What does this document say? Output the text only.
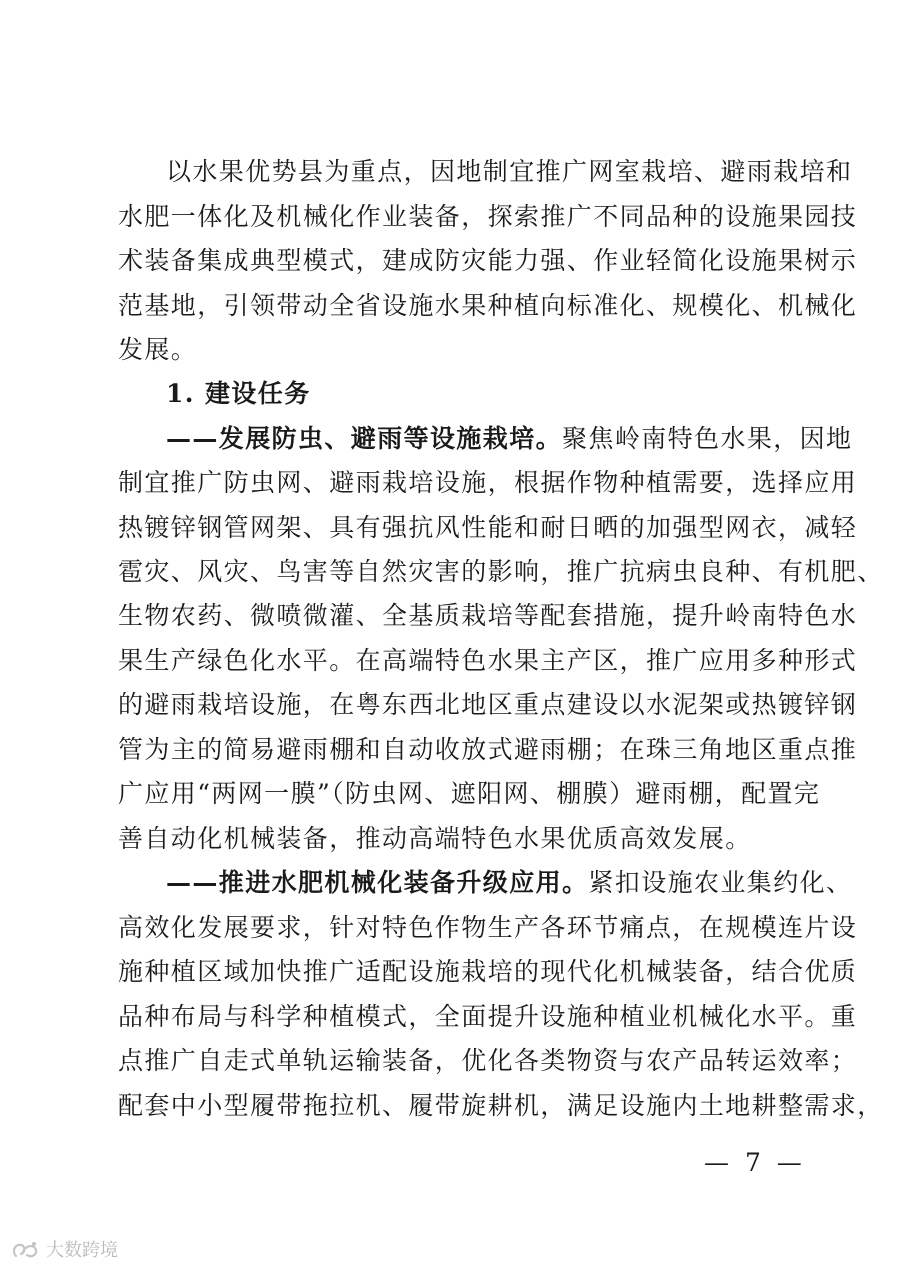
以水果优势县为重点，因地制宜推广网室栽培、避雨栽培和
水肥一体化及机械化作业装备，探索推广不同品种的设施果园技
术装备集成典型模式，建成防灾能力强、作业轻简化设施果树示
范基地，引领带动全省设施水果种植向标准化、规模化、机械化
发展。
1. 建设任务
——发展防虫、避雨等设施栽培。聚焦岭南特色水果，因地
制宜推广防虫网、避雨栽培设施，根据作物种植需要，选择应用
热镀锌钢管网架、具有强抗风性能和耐日晒的加强型网衣，减轻
雹灾、风灾、鸟害等自然灾害的影响，推广抗病虫良种、有机肥、
生物农药、微喷微灌、全基质栽培等配套措施，提升岭南特色水
果生产绿色化水平。在高端特色水果主产区，推广应用多种形式
的避雨栽培设施，在粤东西北地区重点建设以水泥架或热镀锌钢
管为主的简易避雨棚和自动收放式避雨棚；在珠三角地区重点推
广应用“两网一膜”（防虫网、遮阳网、棚膜）避雨棚，配置完
善自动化机械装备，推动高端特色水果优质高效发展。
——推进水肥机械化装备升级应用。紧扣设施农业集约化、
高效化发展要求，针对特色作物生产各环节痛点，在规模连片设
施种植区域加快推广适配设施栽培的现代化机械装备，结合优质
品种布局与科学种植模式，全面提升设施种植业机械化水平。重
点推广自走式单轨运输装备，优化各类物资与农产品转运效率；
配套中小型履带拖拉机、履带旋耕机，满足设施内土地耕整需求，
— 7 —
大数跨境
